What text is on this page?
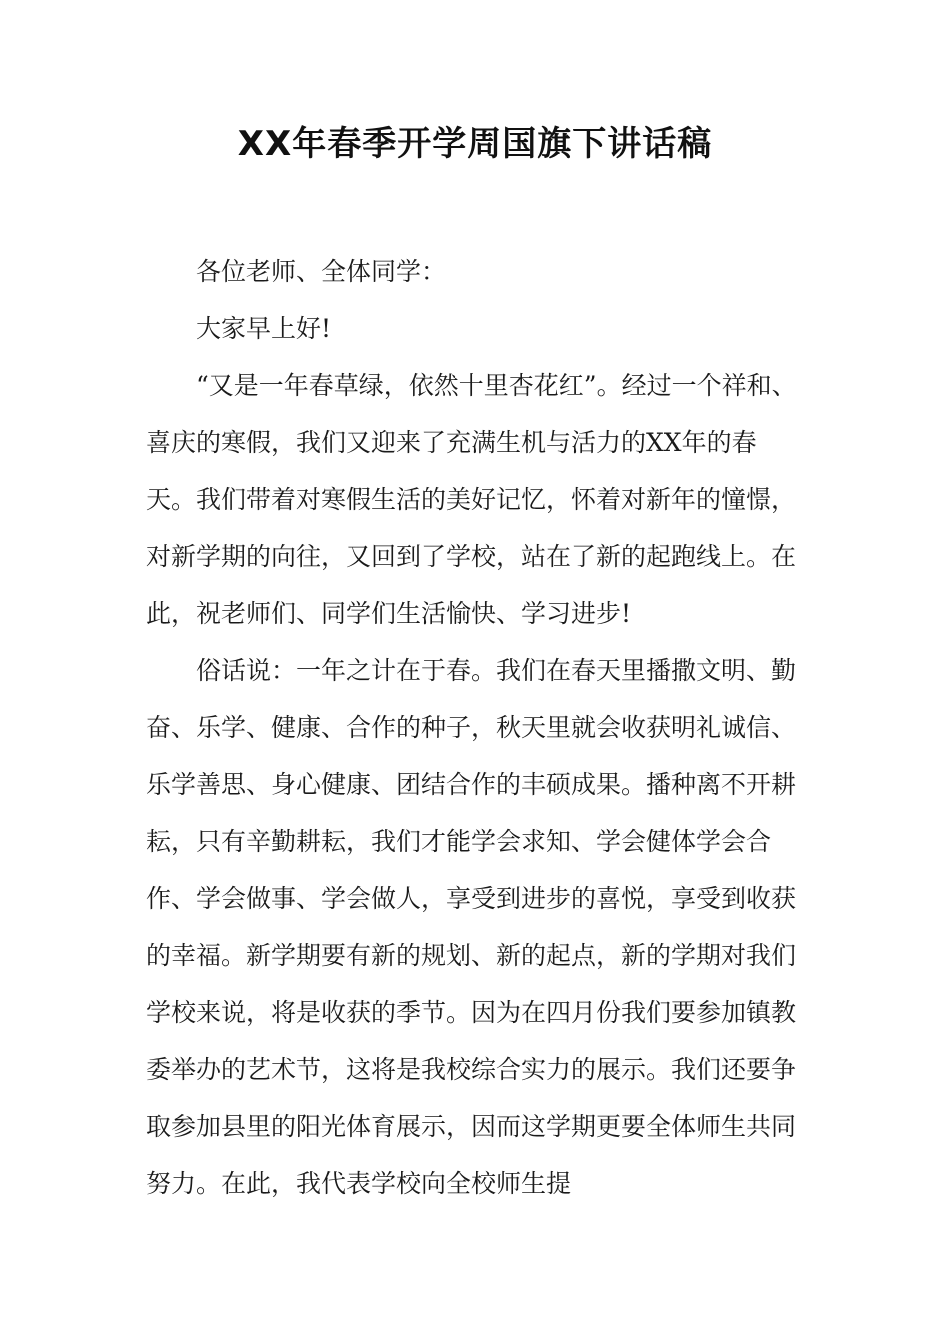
XX年春季开学周国旗下讲话稿

各位老师、全体同学：

大家早上好!

“又是一年春草绿，依然十里杏花红”。经过一个祥和、喜庆的寒假，我们又迎来了充满生机与活力的XX年的春天。我们带着对寒假生活的美好记忆，怀着对新年的憧憬，对新学期的向往，又回到了学校，站在了新的起跑线上。在此，祝老师们、同学们生活愉快、学习进步!

俗话说：一年之计在于春。我们在春天里播撒文明、勤奋、乐学、健康、合作的种子，秋天里就会收获明礼诚信、乐学善思、身心健康、团结合作的丰硕成果。播种离不开耕耘，只有辛勤耕耘，我们才能学会求知、学会健体学会合作、学会做事、学会做人，享受到进步的喜悦，享受到收获的幸福。新学期要有新的规划、新的起点，新的学期对我们学校来说，将是收获的季节。因为在四月份我们要参加镇教委举办的艺术节，这将是我校综合实力的展示。我们还要争取参加县里的阳光体育展示，因而这学期更要全体师生共同努力。在此，我代表学校向全校师生提
